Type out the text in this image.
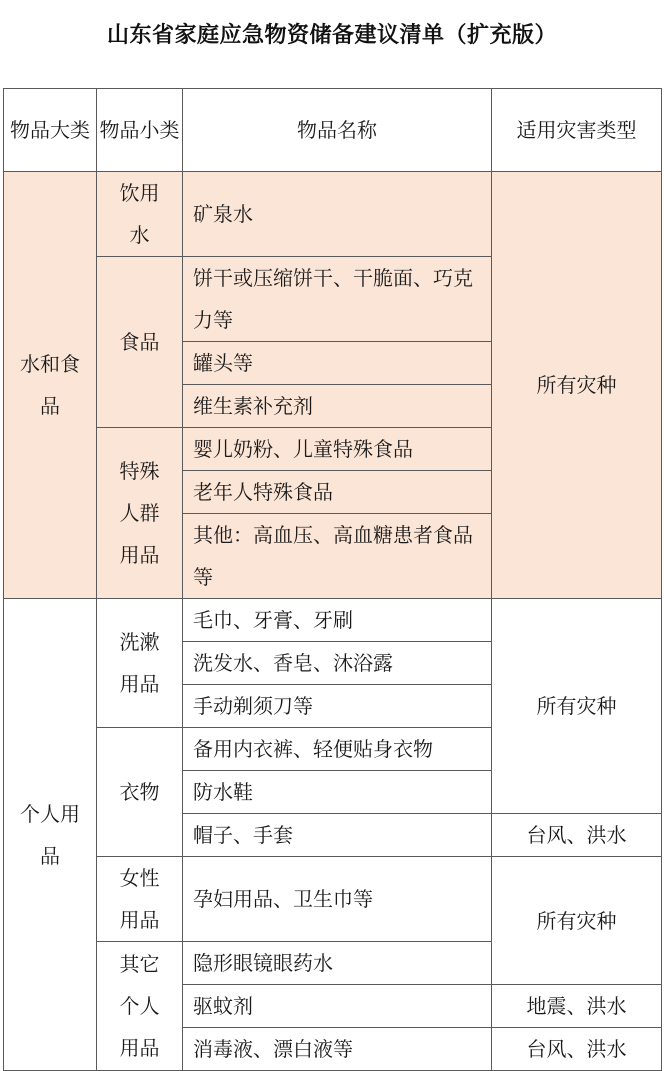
山东省家庭应急物资储备建议清单（扩充版）
物品大类	物品小类	物品名称	适用灾害类型
水和食品	饮用水	矿泉水	所有灾种
	食品	饼干或压缩饼干、干脆面、巧克力等	
		罐头等	
		维生素补充剂	
	特殊人群用品	婴儿奶粉、儿童特殊食品	
		老年人特殊食品	
		其他：高血压、高血糖患者食品等	
个人用品	洗漱用品	毛巾、牙膏、牙刷	所有灾种
		洗发水、香皂、沐浴露	
		手动剃须刀等	
	衣物	备用内衣裤、轻便贴身衣物	
		防水鞋	
		帽子、手套	台风、洪水
	女性用品	孕妇用品、卫生巾等	所有灾种
	其它个人用品	隐形眼镜眼药水	
		驱蚊剂	地震、洪水
		消毒液、漂白液等	台风、洪水
